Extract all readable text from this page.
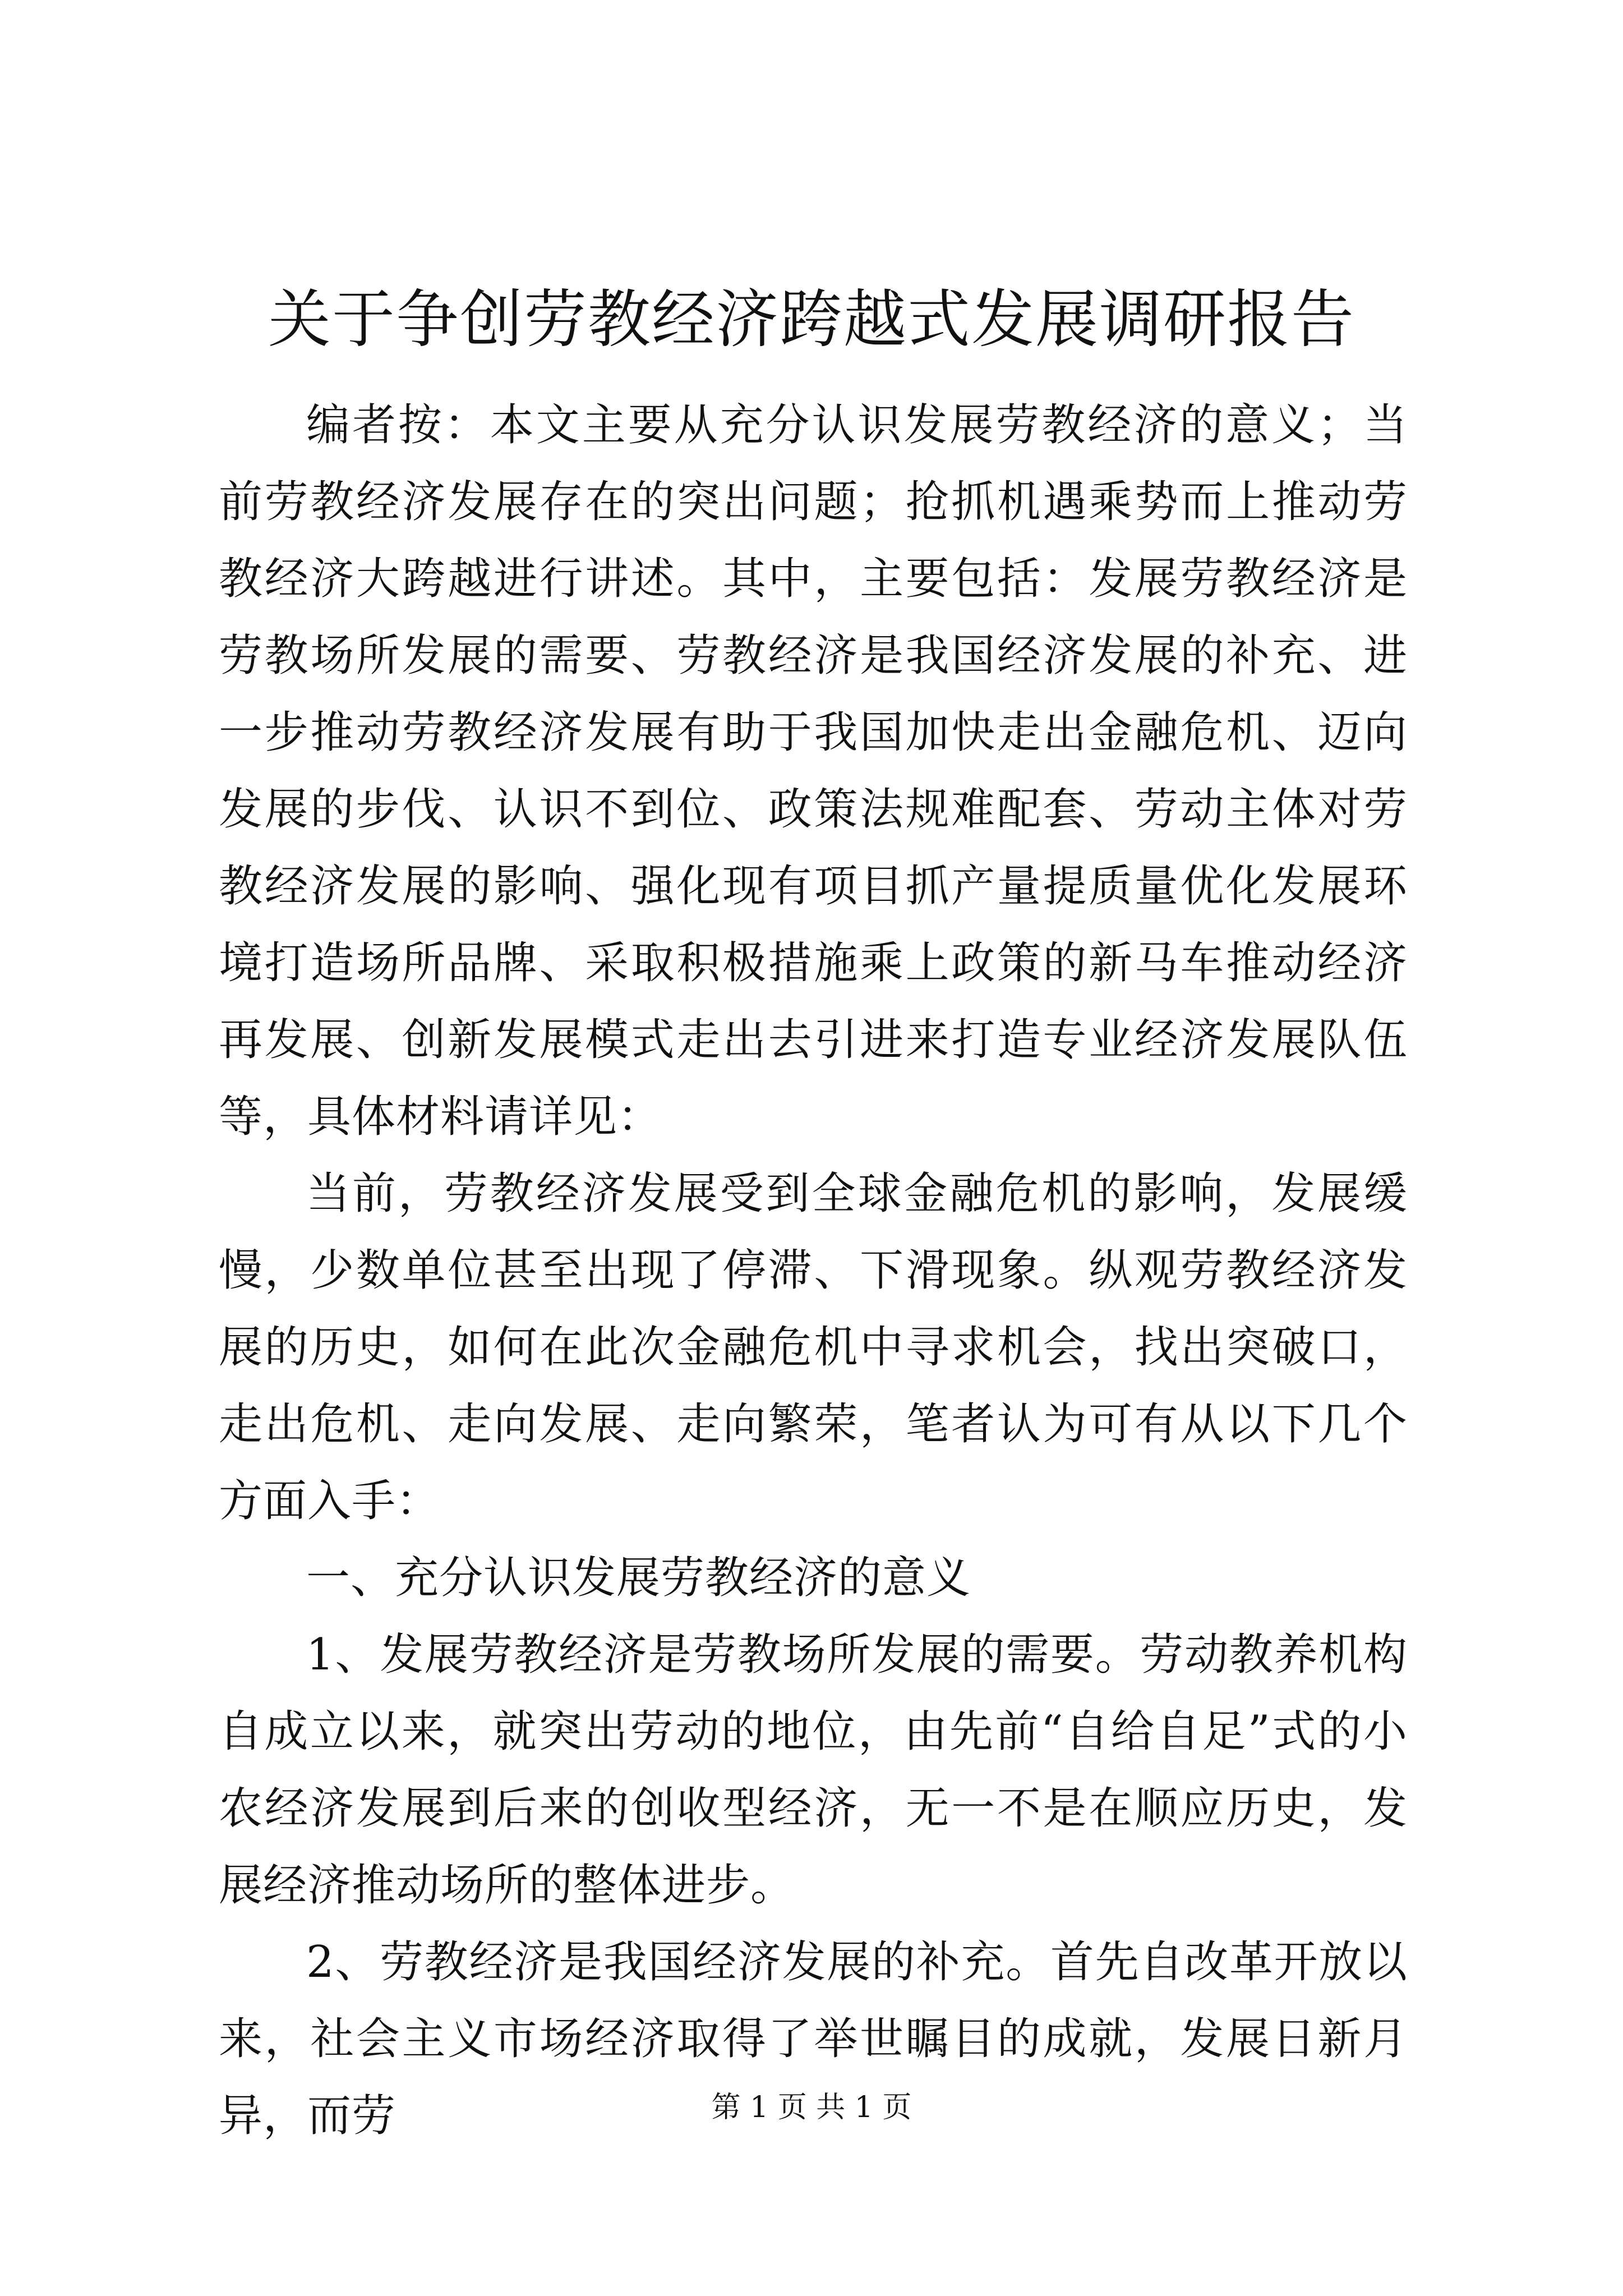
关于争创劳教经济跨越式发展调研报告

编者按：本文主要从充分认识发展劳教经济的意义；当前劳教经济发展存在的突出问题；抢抓机遇乘势而上推动劳教经济大跨越进行讲述。其中，主要包括：发展劳教经济是劳教场所发展的需要、劳教经济是我国经济发展的补充、进一步推动劳教经济发展有助于我国加快走出金融危机、迈向发展的步伐、认识不到位、政策法规难配套、劳动主体对劳教经济发展的影响、强化现有项目抓产量提质量优化发展环境打造场所品牌、采取积极措施乘上政策的新马车推动经济再发展、创新发展模式走出去引进来打造专业经济发展队伍等，具体材料请详见：

当前，劳教经济发展受到全球金融危机的影响，发展缓慢，少数单位甚至出现了停滞、下滑现象。纵观劳教经济发展的历史，如何在此次金融危机中寻求机会，找出突破口，走出危机、走向发展、走向繁荣，笔者认为可有从以下几个方面入手：

一、充分认识发展劳教经济的意义

1、发展劳教经济是劳教场所发展的需要。劳动教养机构自成立以来，就突出劳动的地位，由先前“自给自足”式的小农经济发展到后来的创收型经济，无一不是在顺应历史，发展经济推动场所的整体进步。

2、劳教经济是我国经济发展的补充。首先自改革开放以来，社会主义市场经济取得了举世瞩目的成就，发展日新月异，而劳	第 1 页 共 1 页
